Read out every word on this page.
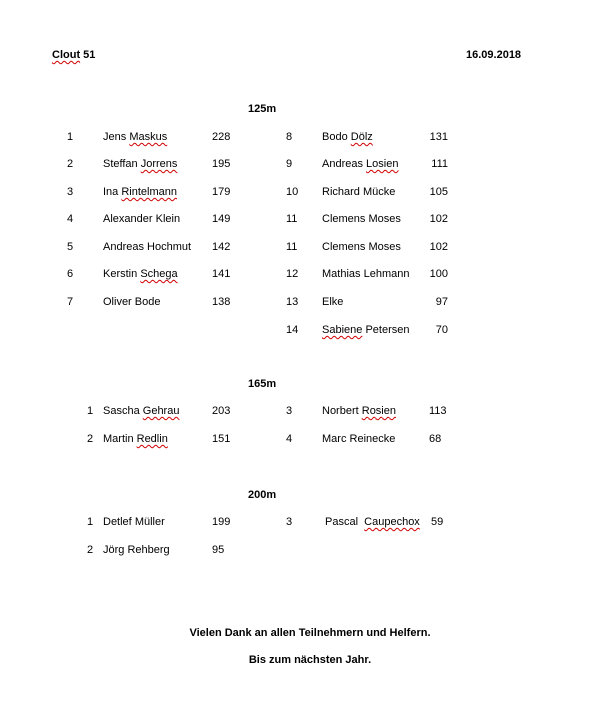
Clout 51	16.09.2018
125m
1	Jens Maskus	228
2	Steffan Jorrens	195
3	Ina Rintelmann	179
4	Alexander Klein	149
5	Andreas Hochmut 142
6	Kerstin Schega	141
7	Oliver Bode	138
8	Bodo Dölz	131
9	Andreas Losien	111
10 Richard Mücke	105
11 Clemens Moses	102
11 Clemens Moses	102
12 Mathias Lehmann	100
13 Elke	97
14 Sabiene Petersen	70
165m
1 Sascha Gehrau	203
2 Martin Redlin	151
3	Norbert Rosien	113
4	Marc Reinecke	68
200m
1 Detlef Müller	199
2 Jörg Rehberg	95
3	Pascal Caupechox 59
Vielen Dank an allen Teilnehmern und Helfern.
Bis zum nächsten Jahr.
